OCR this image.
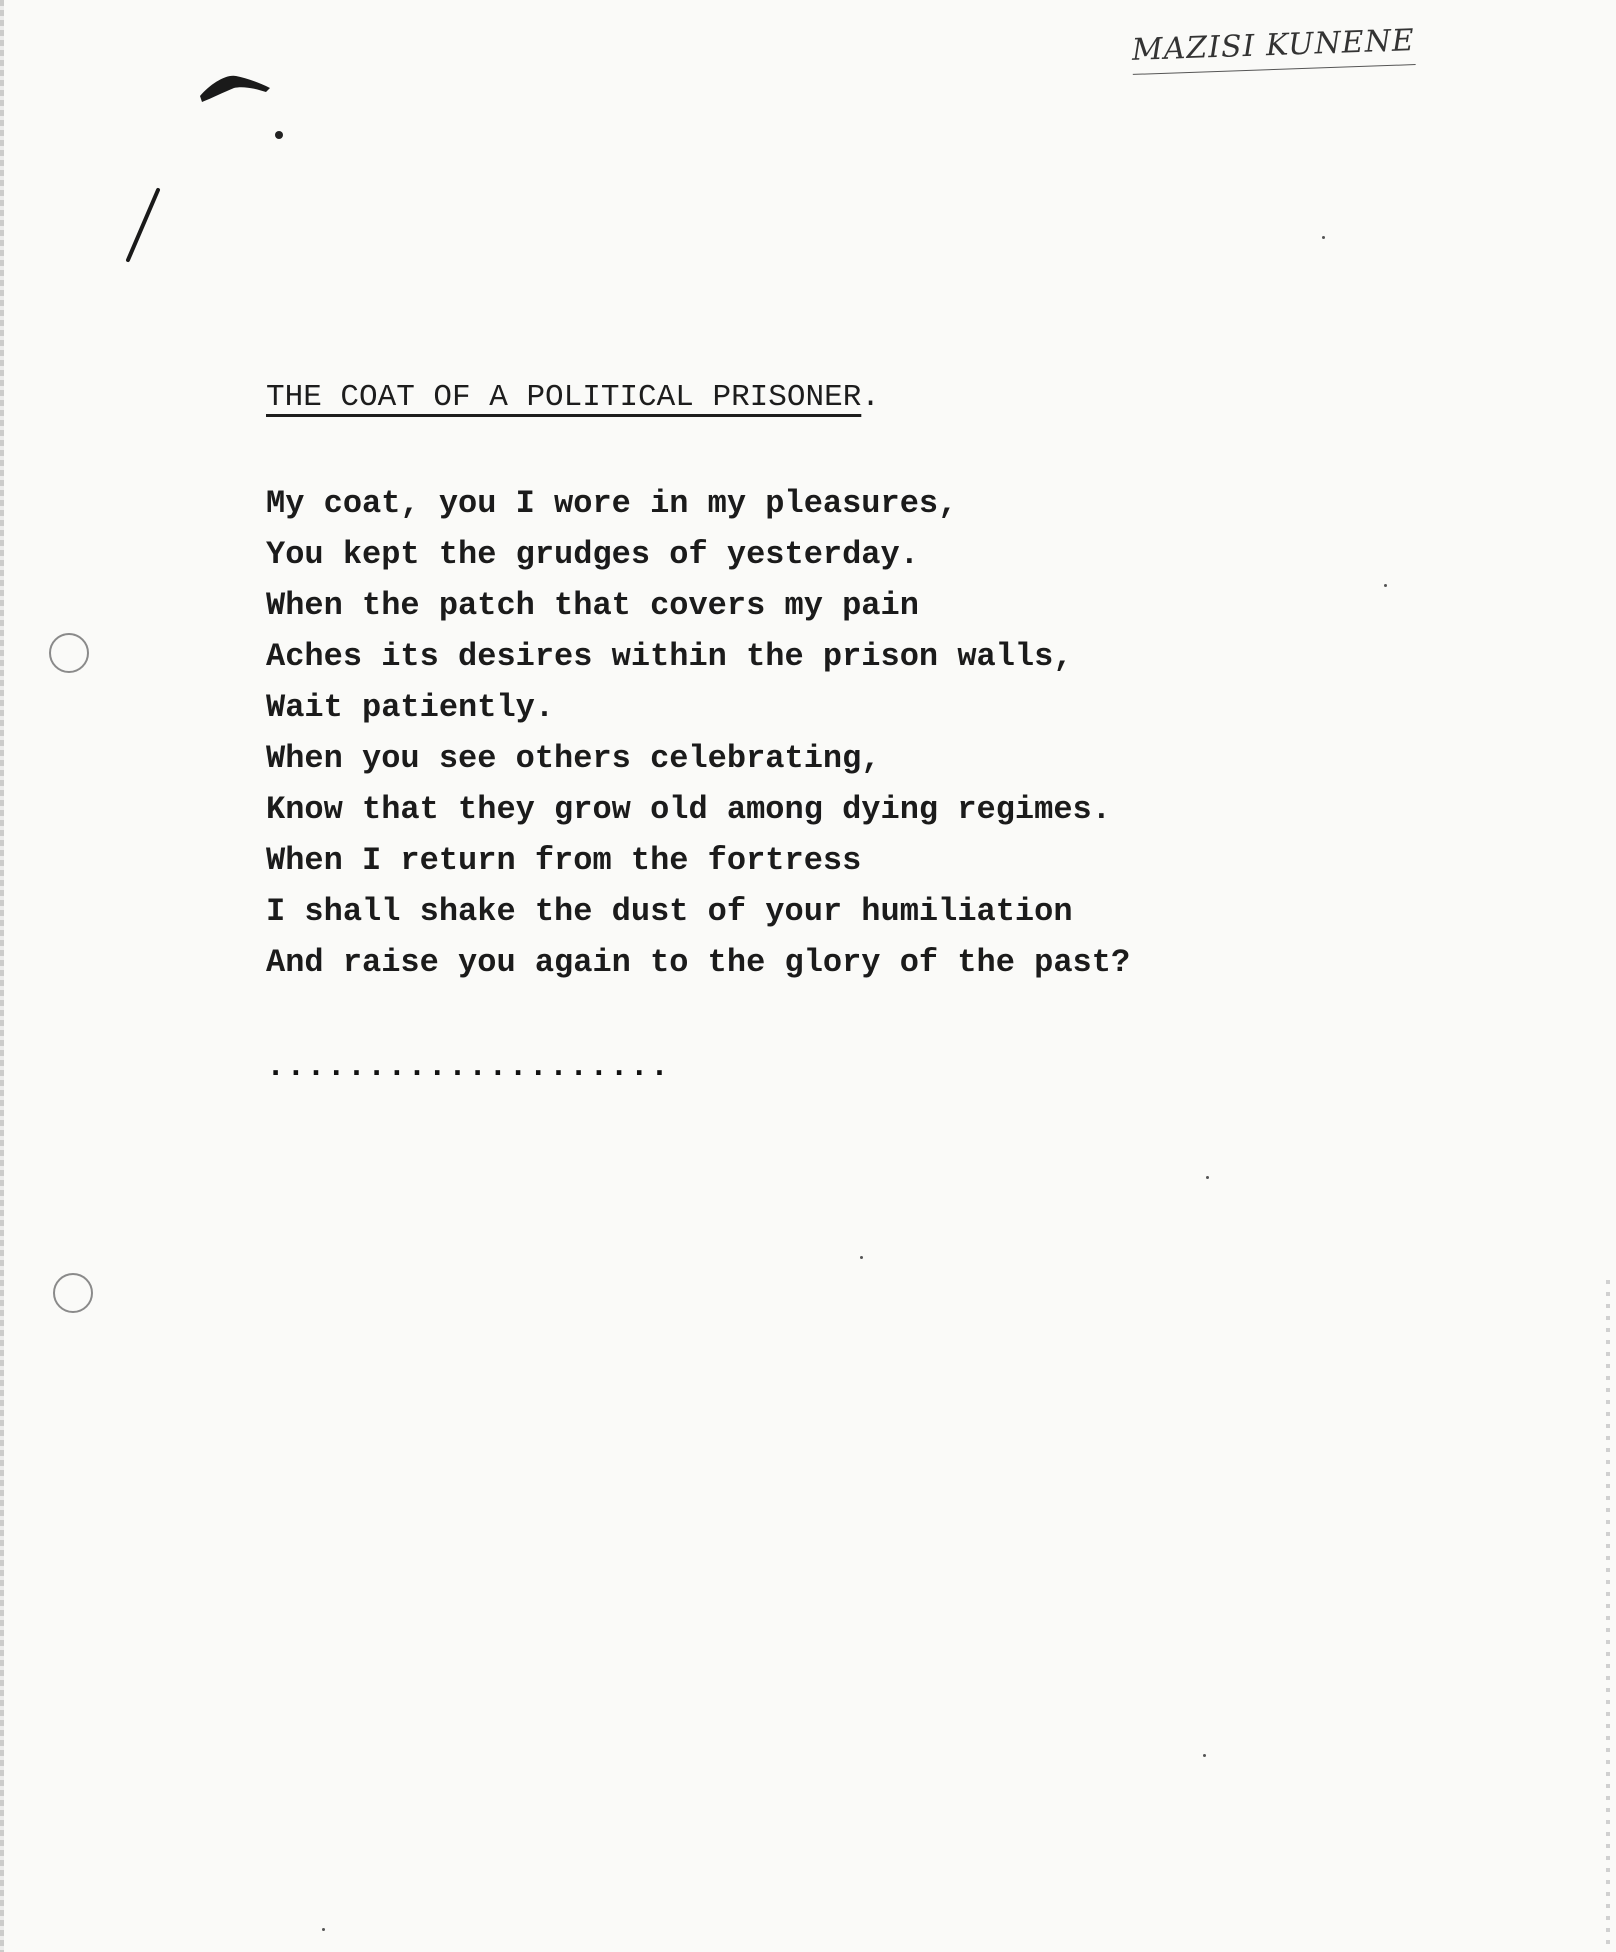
MAZISI KUNENE
THE COAT OF A POLITICAL PRISONER.
My coat, you I wore in my pleasures,
You kept the grudges of yesterday.
When the patch that covers my pain
Aches its desires within the prison walls,
Wait patiently.
When you see others celebrating,
Know that they grow old among dying regimes.
When I return from the fortress
I shall shake the dust of your humiliation
And raise you again to the glory of the past?
....................
